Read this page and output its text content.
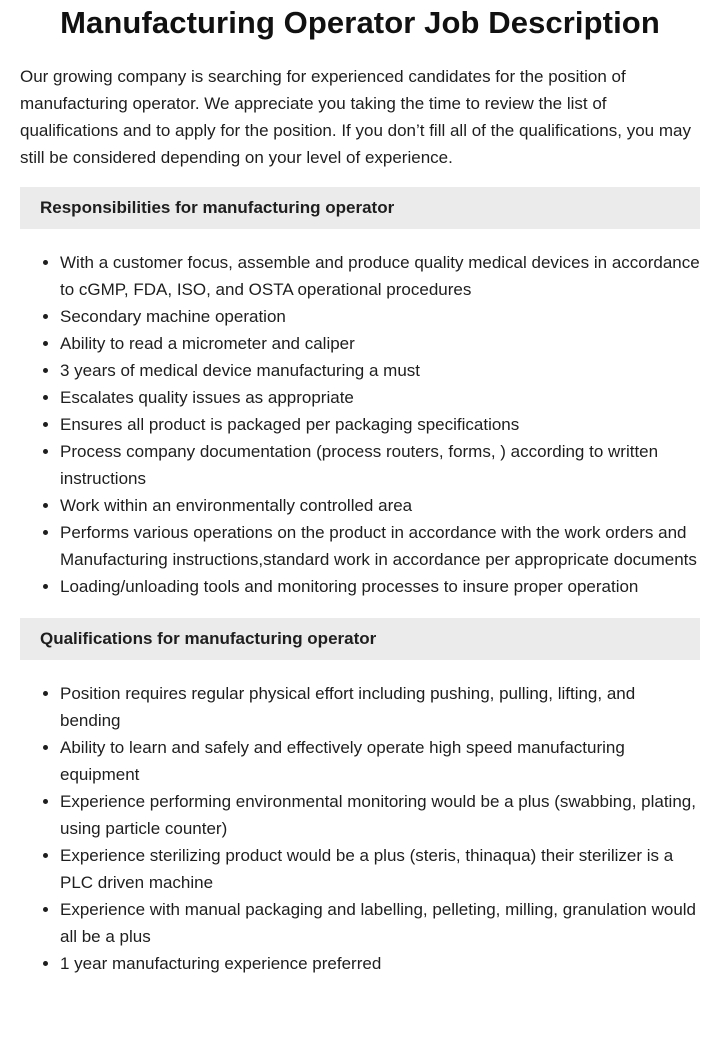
Manufacturing Operator Job Description

Our growing company is searching for experienced candidates for the position of manufacturing operator. We appreciate you taking the time to review the list of qualifications and to apply for the position. If you don’t fill all of the qualifications, you may still be considered depending on your level of experience.

Responsibilities for manufacturing operator
• With a customer focus, assemble and produce quality medical devices in accordance to cGMP, FDA, ISO, and OSTA operational procedures
• Secondary machine operation
• Ability to read a micrometer and caliper
• 3 years of medical device manufacturing a must
• Escalates quality issues as appropriate
• Ensures all product is packaged per packaging specifications
• Process company documentation (process routers, forms, ) according to written instructions
• Work within an environmentally controlled area
• Performs various operations on the product in accordance with the work orders and Manufacturing instructions,standard work in accordance per appropricate documents
• Loading/unloading tools and monitoring processes to insure proper operation
Qualifications for manufacturing operator
• Position requires regular physical effort including pushing, pulling, lifting, and bending
• Ability to learn and safely and effectively operate high speed manufacturing equipment
• Experience performing environmental monitoring would be a plus (swabbing, plating, using particle counter)
• Experience sterilizing product would be a plus (steris, thinaqua) their sterilizer is a PLC driven machine
• Experience with manual packaging and labelling, pelleting, milling, granulation would all be a plus
• 1 year manufacturing experience preferred
